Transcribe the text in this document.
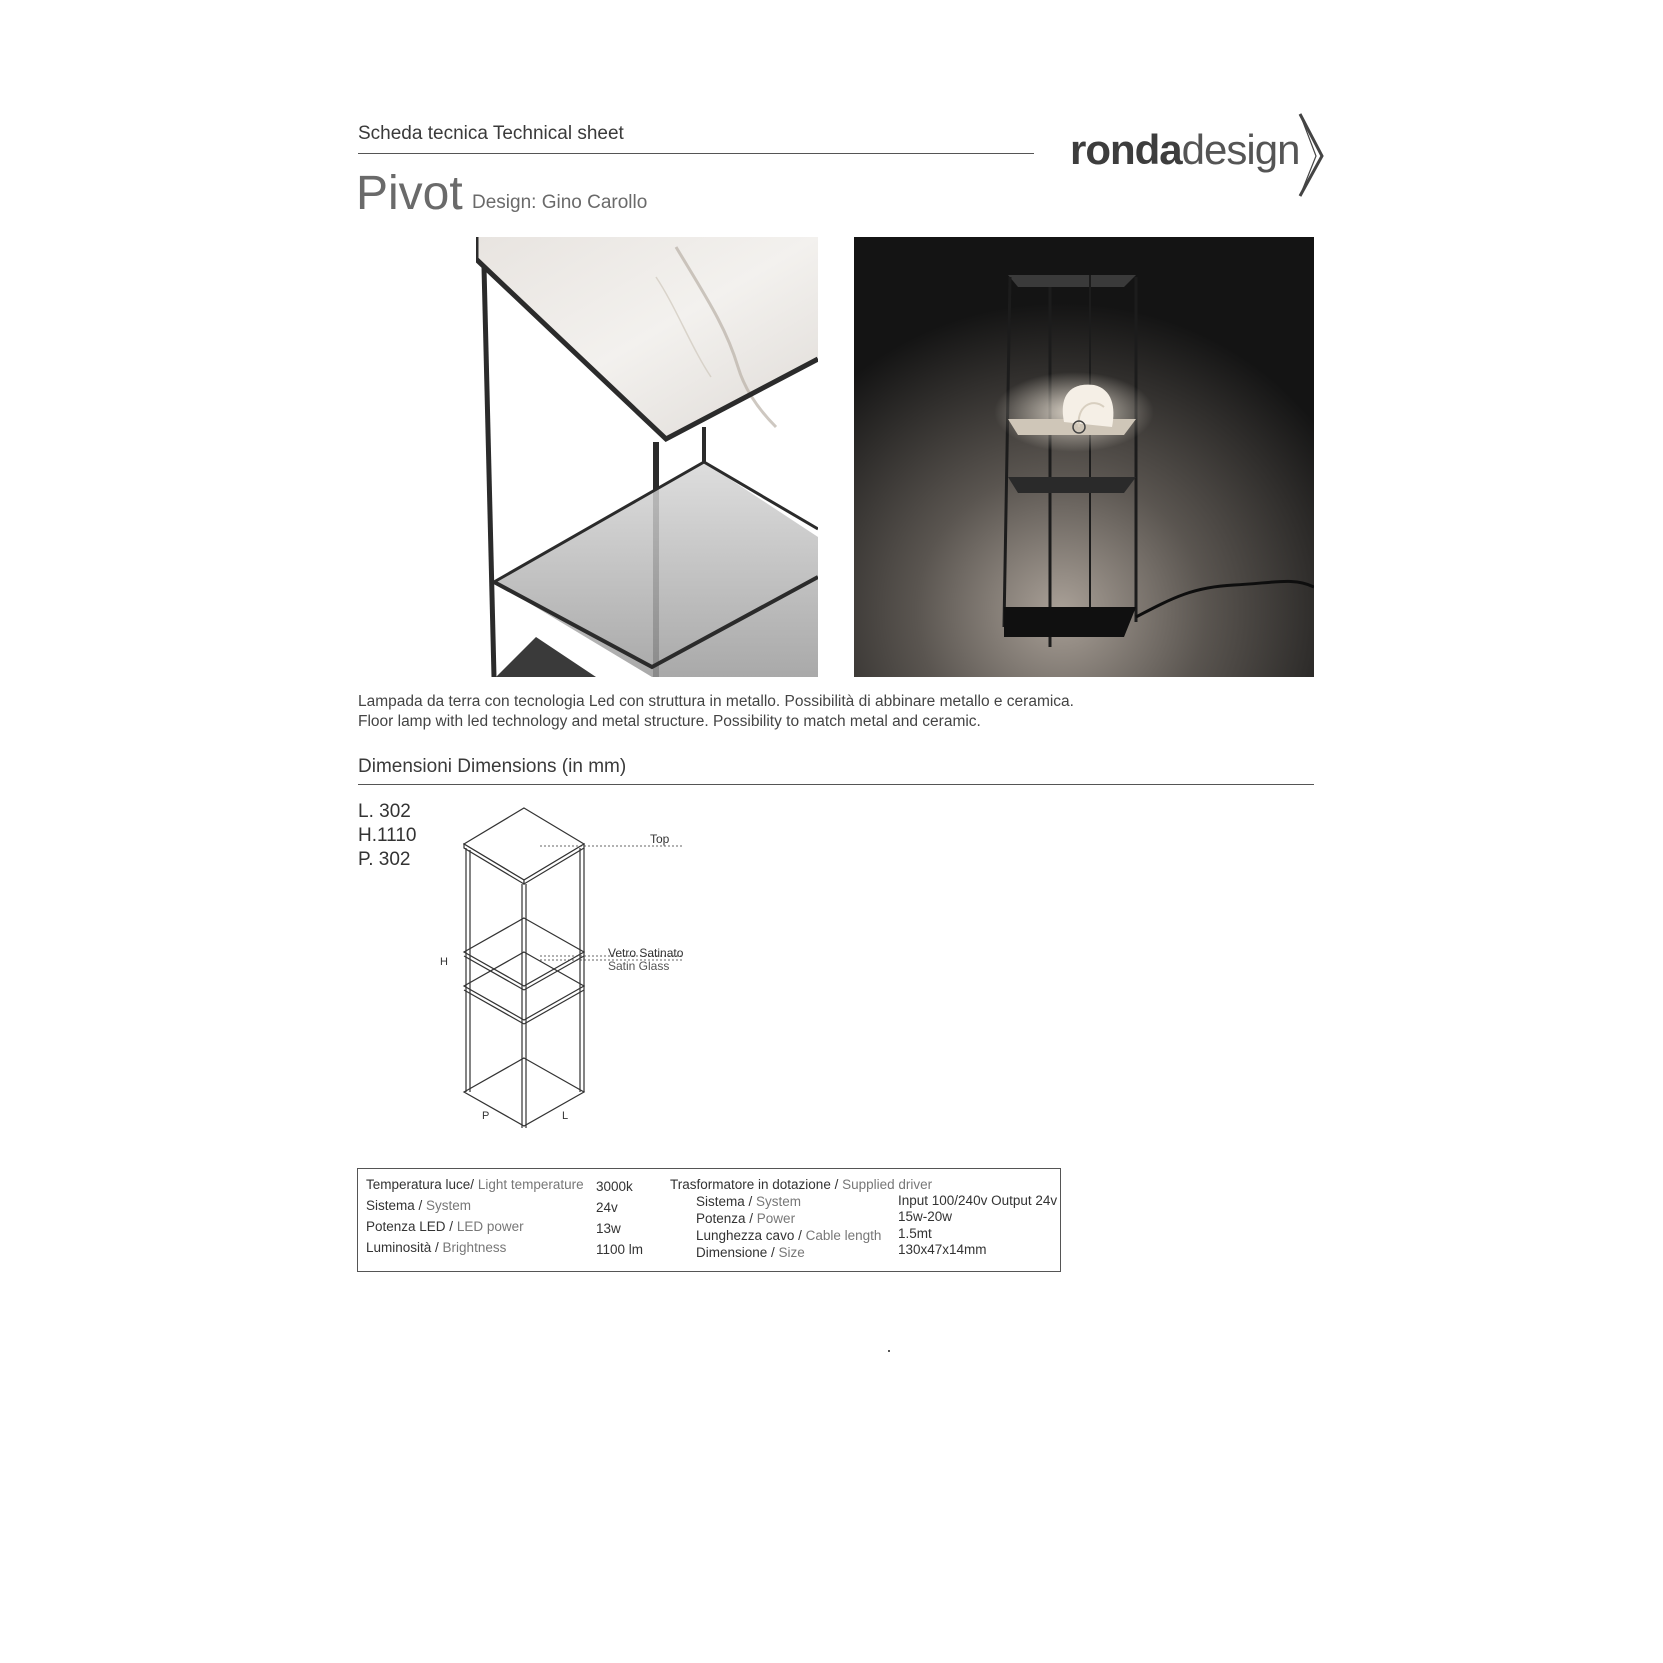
Scheda tecnica Technical sheet	rondadesign
Pivot Design: Gino Carollo
Lampada da terra con tecnologia Led con struttura in metallo. Possibilità di abbinare metallo e ceramica.
Floor lamp with led technology and metal structure. Possibility to match metal and ceramic.
Dimensioni Dimensions (in mm)
L. 302
H.1110
P. 302
Top
Vetro Satinato
Satin Glass
H
P	L
Temperatura luce/ Light temperature 3000k
Sistema / System	24v
Potenza LED / LED power	13w
Luminosità / Brightness	1100 lm
Trasformatore in dotazione / Supplied driver
Sistema / System	Input 100/240v Output 24v
Potenza / Power	15w-20w
Lunghezza cavo / Cable length 1.5mt
Dimensione / Size	130x47x14mm
